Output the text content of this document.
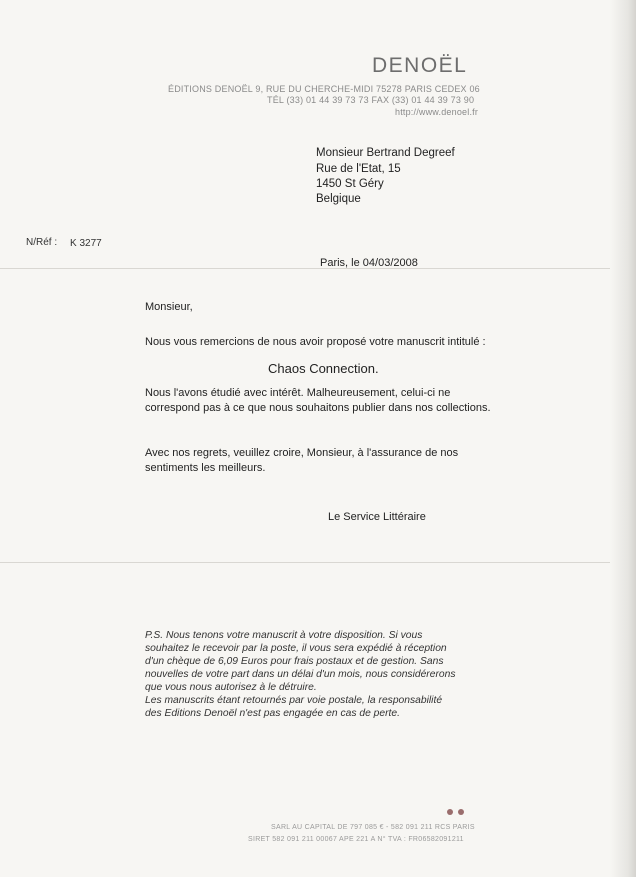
DENOËL
ÉDITIONS DENOËL 9, RUE DU CHERCHE-MIDI 75278 PARIS CEDEX 06
TÉL (33) 01 44 39 73 73 FAX (33) 01 44 39 73 90
http://www.denoel.fr
Monsieur Bertrand Degreef
Rue de l'Etat, 15
1450 St Géry
Belgique
N/Réf : K 3277
Paris, le 04/03/2008
Monsieur,
Nous vous remercions de nous avoir proposé votre manuscrit intitulé :
Chaos Connection.
Nous l'avons étudié avec intérêt. Malheureusement, celui-ci ne
correspond pas à ce que nous souhaitons publier dans nos collections.
Avec nos regrets, veuillez croire, Monsieur, à l'assurance de nos
sentiments les meilleurs.
Le Service Littéraire
P.S. Nous tenons votre manuscrit à votre disposition. Si vous
souhaitez le recevoir par la poste, il vous sera expédié à réception
d'un chèque de 6,09 Euros pour frais postaux et de gestion. Sans
nouvelles de votre part dans un délai d'un mois, nous considérerons
que vous nous autorisez à le détruire.
Les manuscrits étant retournés par voie postale, la responsabilité
des Editions Denoël n'est pas engagée en cas de perte.
SARL AU CAPITAL DE 797 085 € - 582 091 211 RCS PARIS
SIRET 582 091 211 00067 APE 221 A N° TVA : FR06582091211
